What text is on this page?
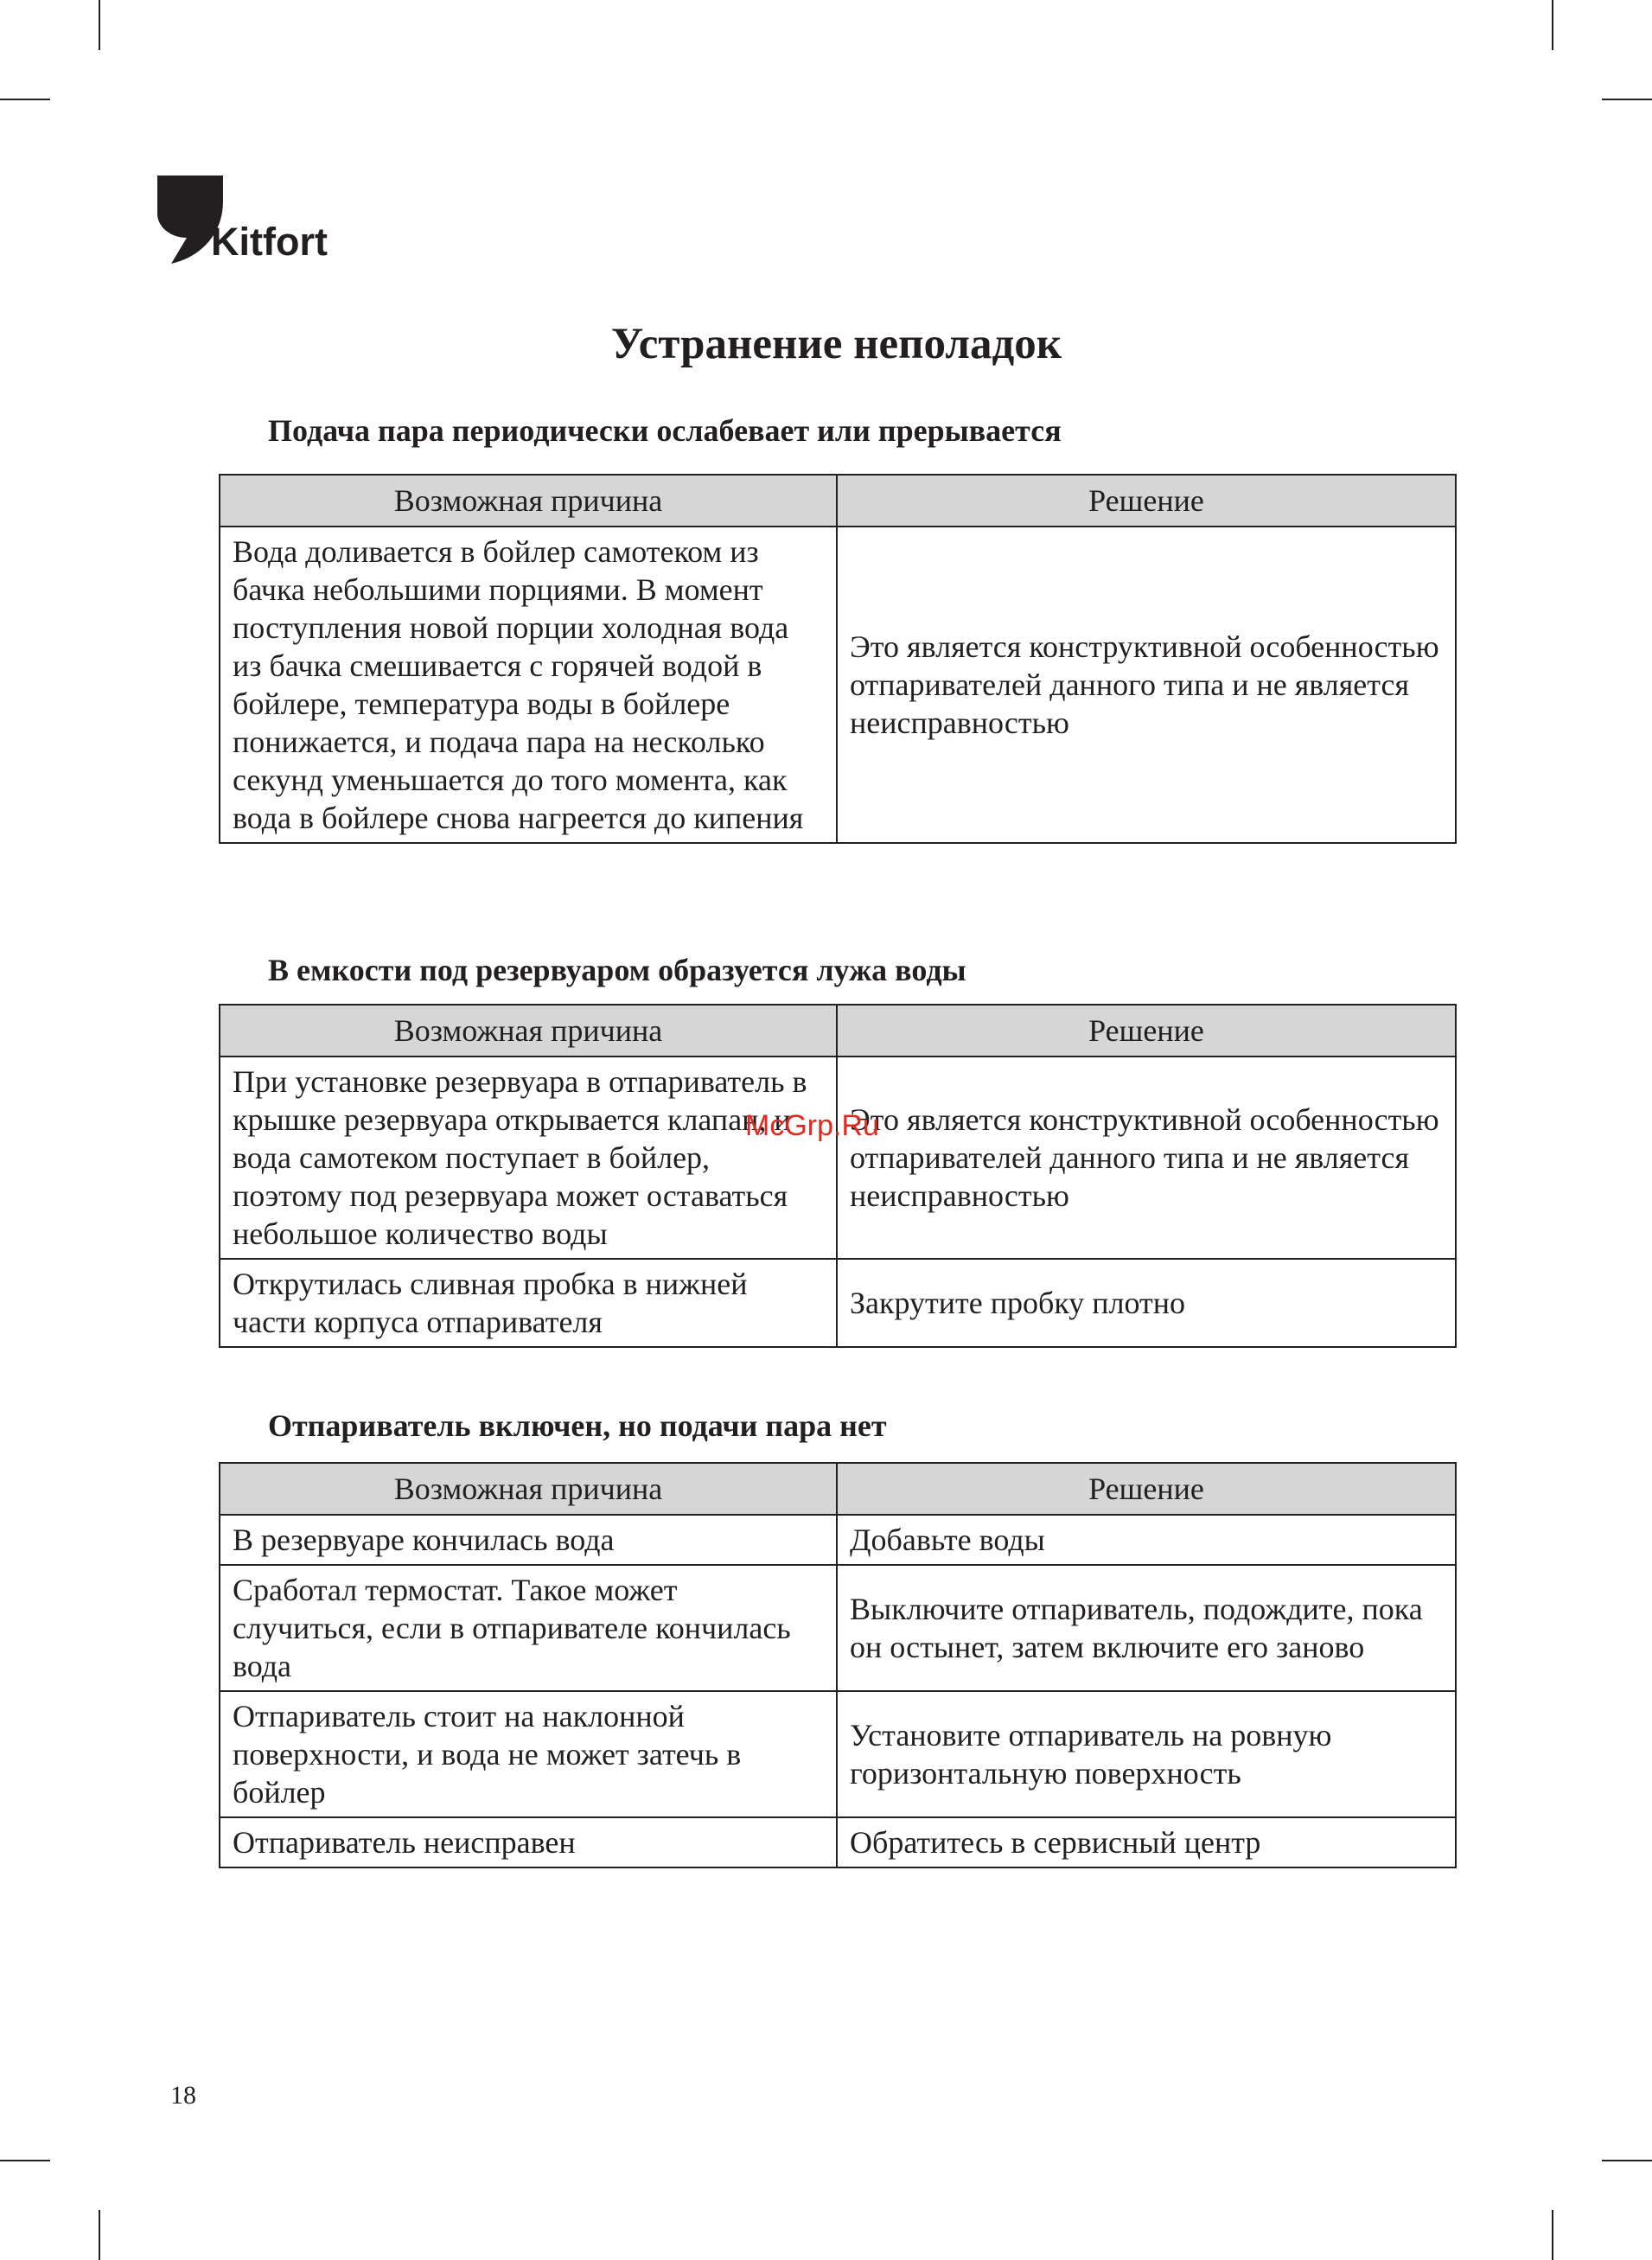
Kitfort
Устранение неполадок
Подача пара периодически ослабевает или прерывается
Возможная причина	Решение
Вода доливается в бойлер самотеком из бачка небольшими порциями. В момент поступления новой порции холодная вода из бачка смешивается с горячей водой в бойлере, температура воды в бойлере понижается, и подача пара на несколько секунд уменьшается до того момента, как вода в бойлере снова нагреется до кипения	Это является конструктивной особенностью отпаривателей данного типа и не является неисправностью
В емкости под резервуаром образуется лужа воды
Возможная причина	Решение
При установке резервуара в отпариватель в крышке резервуара открывается клапан, и вода самотеком поступает в бойлер, поэтому под резервуара может оставаться небольшое количество воды	Это является конструктивной особенностью отпаривателей данного типа и не является неисправностью
Открутилась сливная пробка в нижней части корпуса отпаривателя	Закрутите пробку плотно
Отпариватель включен, но подачи пара нет
Возможная причина	Решение
В резервуаре кончилась вода	Добавьте воды
Сработал термостат. Такое может случиться, если в отпаривателе кончилась вода	Выключите отпариватель, подождите, пока он остынет, затем включите его заново
Отпариватель стоит на наклонной поверхности, и вода не может затечь в бойлер	Установите отпариватель на ровную горизонтальную поверхность
Отпариватель неисправен	Обратитесь в сервисный центр
McGrp.Ru
18
